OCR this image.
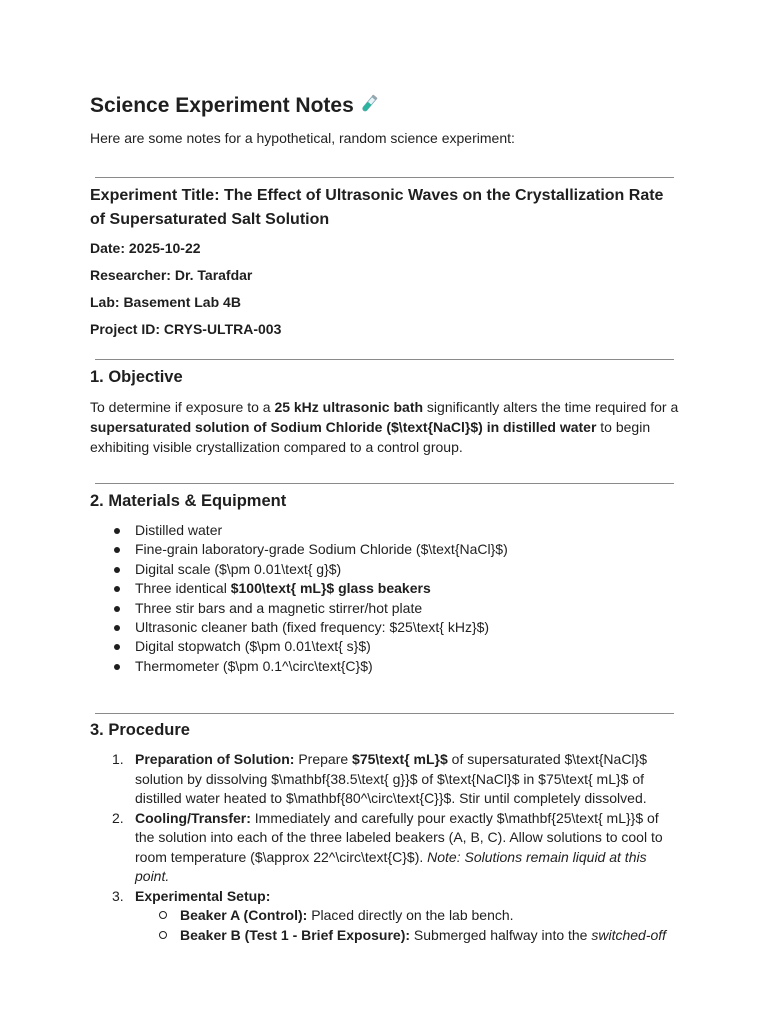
Science Experiment Notes
Here are some notes for a hypothetical, random science experiment:
Experiment Title: The Effect of Ultrasonic Waves on the Crystallization Rate of Supersaturated Salt Solution
Date: 2025-10-22
Researcher: Dr. Tarafdar
Lab: Basement Lab 4B
Project ID: CRYS-ULTRA-003
1. Objective

To determine if exposure to a 25 kHz ultrasonic bath significantly alters the time required for a supersaturated solution of Sodium Chloride ($\text{NaCl}$) in distilled water to begin exhibiting visible crystallization compared to a control group.

2. Materials & Equipment
Distilled water
Fine-grain laboratory-grade Sodium Chloride ($\text{NaCl}$)
Digital scale ($\pm 0.01\text{ g}$)
Three identical $100\text{ mL}$ glass beakers
Three stir bars and a magnetic stirrer/hot plate
Ultrasonic cleaner bath (fixed frequency: $25\text{ kHz}$)
Digital stopwatch ($\pm 0.01\text{ s}$)
Thermometer ($\pm 0.1^\circ\text{C}$)
3. Procedure
1. Preparation of Solution: Prepare $75\text{ mL}$ of supersaturated $\text{NaCl}$ solution by dissolving $\mathbf{38.5\text{ g}}$ of $\text{NaCl}$ in $75\text{ mL}$ of distilled water heated to $\mathbf{80^\circ\text{C}}$. Stir until completely dissolved.
2. Cooling/Transfer: Immediately and carefully pour exactly $\mathbf{25\text{ mL}}$ of the solution into each of the three labeled beakers (A, B, C). Allow solutions to cool to room temperature ($\approx 22^\circ\text{C}$). Note: Solutions remain liquid at this point.
3. Experimental Setup:
Beaker A (Control): Placed directly on the lab bench.
Beaker B (Test 1 - Brief Exposure): Submerged halfway into the switched-off
